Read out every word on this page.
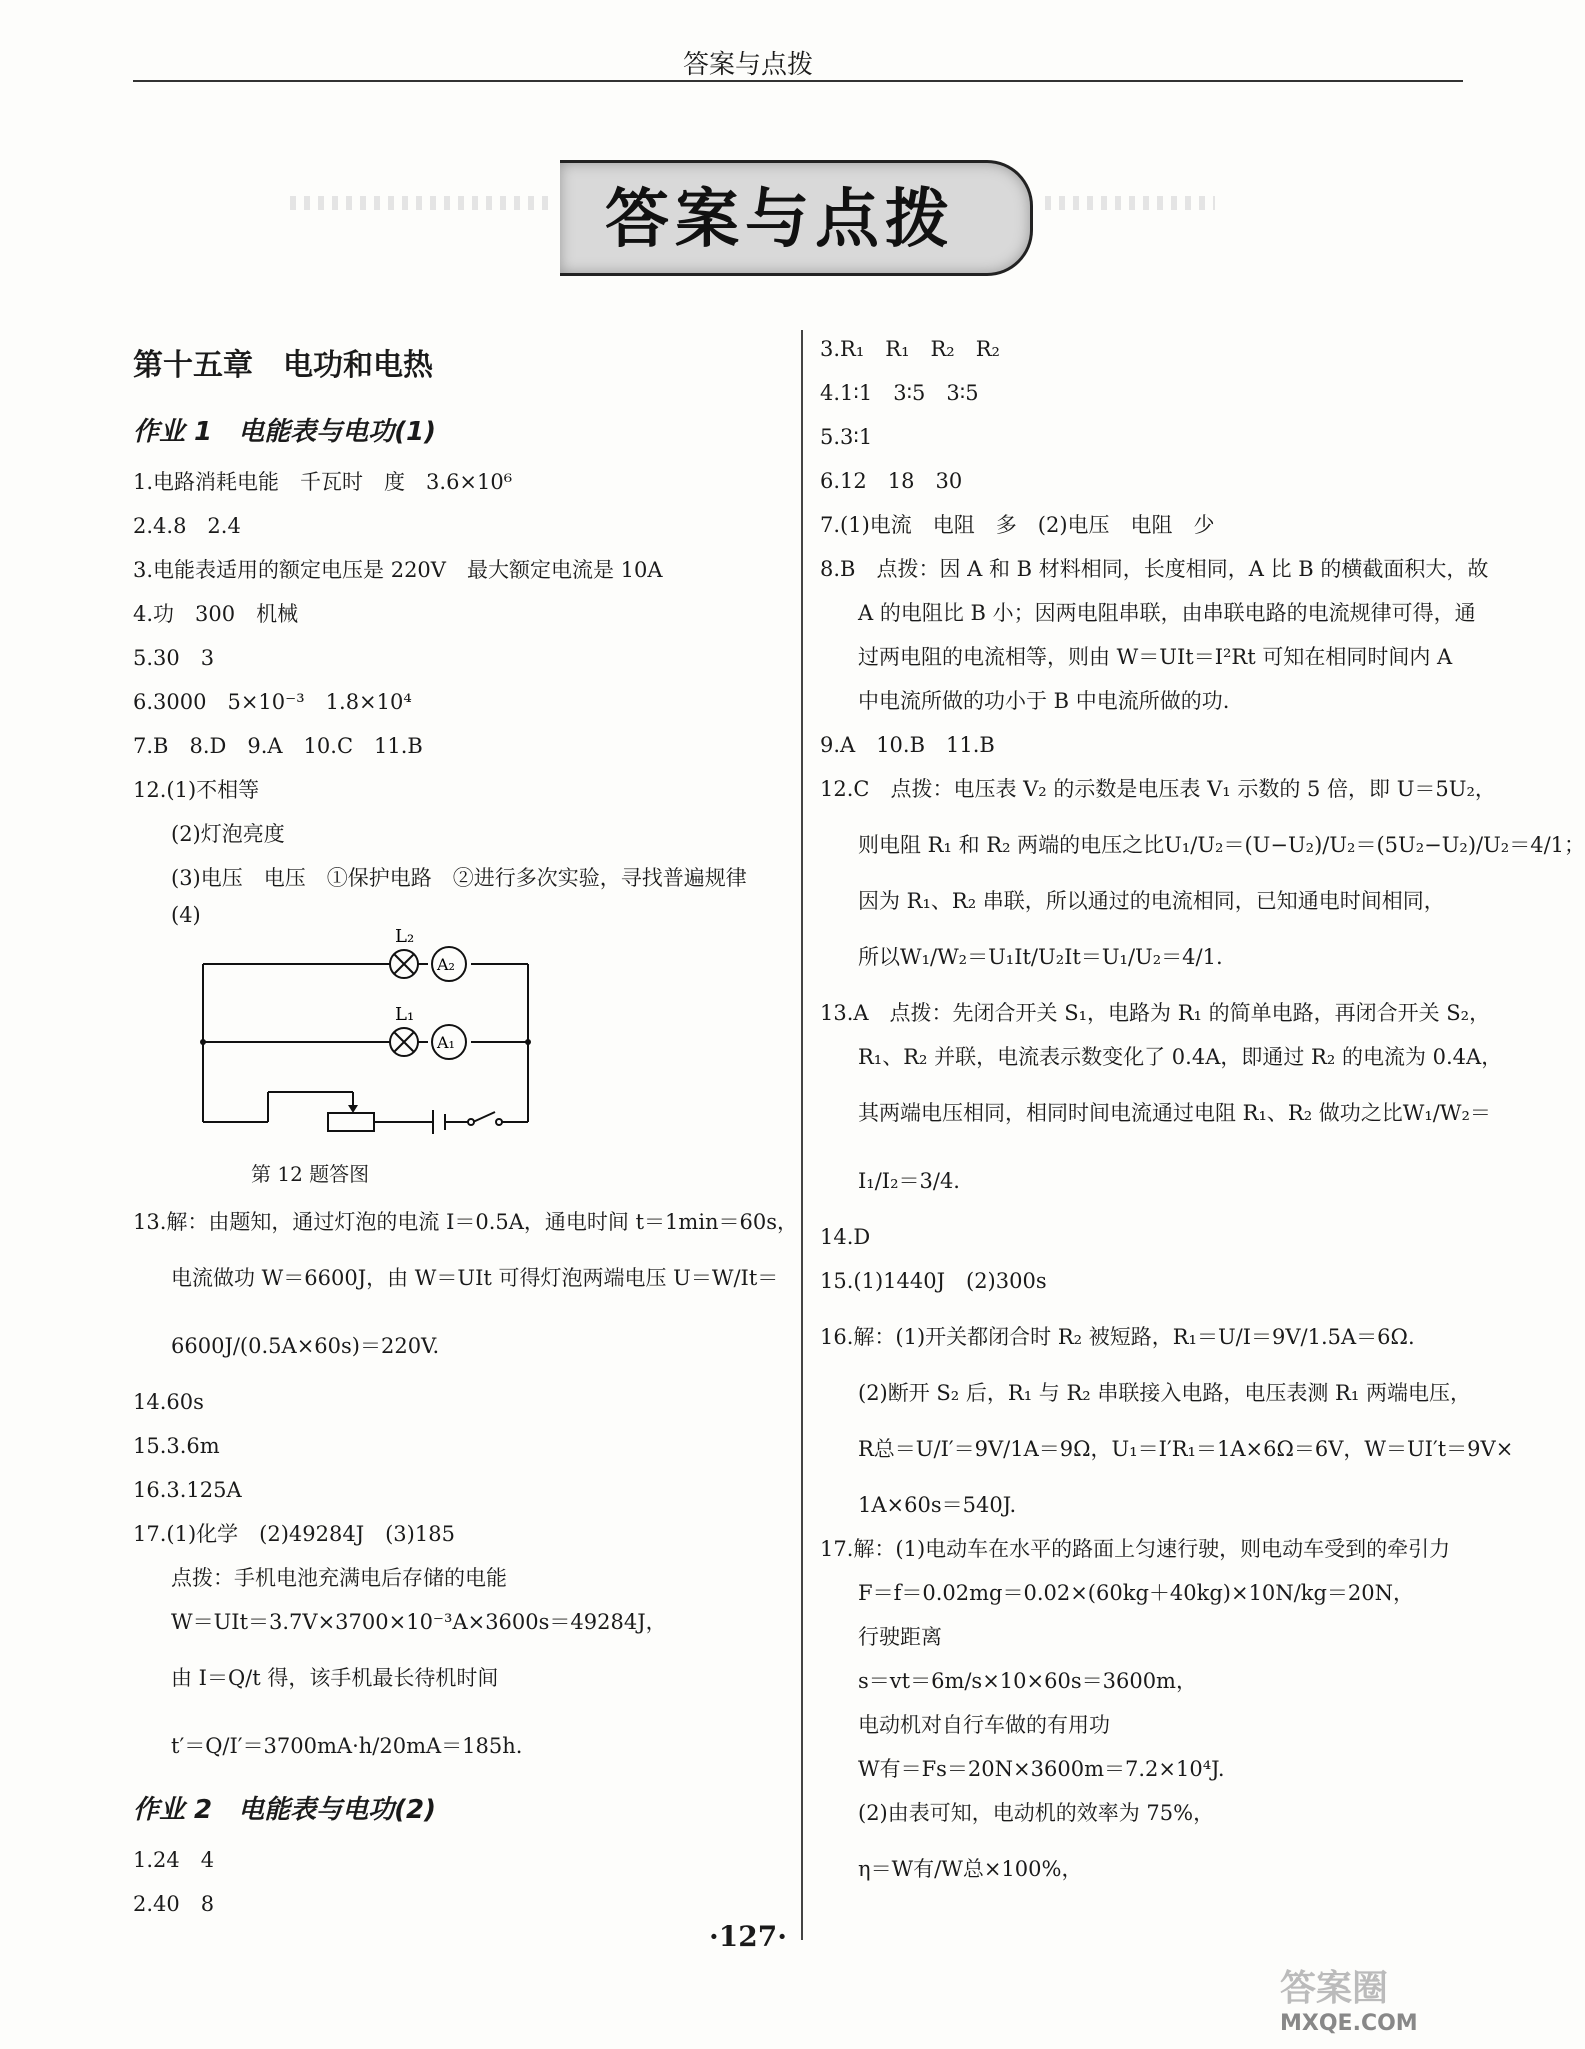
答案与点拨
答案与点拨
第十五章　电功和电热
作业 1　电能表与电功(1)
1.电路消耗电能　千瓦时　度　3.6×10⁶
2.4.8　2.4
3.电能表适用的额定电压是 220V　最大额定电流是 10A
4.功　300　机械
5.30　3
6.3000　5×10⁻³　1.8×10⁴
7.B　8.D　9.A　10.C　11.B
12.(1)不相等
(2)灯泡亮度
(3)电压　电压　①保护电路　②进行多次实验，寻找普遍规律
(4)
L₂
L₁
A₂
A₁
第 12 题答图
13.解：由题知，通过灯泡的电流 I＝0.5A，通电时间 t＝1min＝60s，
电流做功 W＝6600J，由 W＝UIt 可得灯泡两端电压 U＝W/It＝
6600J/(0.5A×60s)＝220V.
14.60s
15.3.6m
16.3.125A
17.(1)化学　(2)49284J　(3)185
点拨：手机电池充满电后存储的电能
W＝UIt＝3.7V×3700×10⁻³A×3600s＝49284J，
由 I＝Q/t 得，该手机最长待机时间
t′＝Q/I′＝3700mA·h/20mA＝185h.
作业 2　电能表与电功(2)
1.24　4
2.40　8
3.R₁　R₁　R₂　R₂
4.1∶1　3∶5　3∶5
5.3∶1
6.12　18　30
7.(1)电流　电阻　多　(2)电压　电阻　少
8.B　点拨：因 A 和 B 材料相同，长度相同，A 比 B 的横截面积大，故
A 的电阻比 B 小；因两电阻串联，由串联电路的电流规律可得，通
过两电阻的电流相等，则由 W＝UIt＝I²Rt 可知在相同时间内 A
中电流所做的功小于 B 中电流所做的功.
9.A　10.B　11.B
12.C　点拨：电压表 V₂ 的示数是电压表 V₁ 示数的 5 倍，即 U＝5U₂，
则电阻 R₁ 和 R₂ 两端的电压之比U₁/U₂＝(U−U₂)/U₂＝(5U₂−U₂)/U₂＝4/1；
因为 R₁、R₂ 串联，所以通过的电流相同，已知通电时间相同，
所以W₁/W₂＝U₁It/U₂It＝U₁/U₂＝4/1.
13.A　点拨：先闭合开关 S₁，电路为 R₁ 的简单电路，再闭合开关 S₂，
R₁、R₂ 并联，电流表示数变化了 0.4A，即通过 R₂ 的电流为 0.4A，
其两端电压相同，相同时间电流通过电阻 R₁、R₂ 做功之比W₁/W₂＝
I₁/I₂＝3/4.
14.D
15.(1)1440J　(2)300s
16.解：(1)开关都闭合时 R₂ 被短路，R₁＝U/I＝9V/1.5A＝6Ω.
(2)断开 S₂ 后，R₁ 与 R₂ 串联接入电路，电压表测 R₁ 两端电压，
R总＝U/I′＝9V/1A＝9Ω，U₁＝I′R₁＝1A×6Ω＝6V，W＝UI′t＝9V×
1A×60s＝540J.
17.解：(1)电动车在水平的路面上匀速行驶，则电动车受到的牵引力
F＝f＝0.02mg＝0.02×(60kg＋40kg)×10N/kg＝20N，
行驶距离
s＝vt＝6m/s×10×60s＝3600m，
电动机对自行车做的有用功
W有＝Fs＝20N×3600m＝7.2×10⁴J.
(2)由表可知，电动机的效率为 75%，
η＝W有/W总×100%，
·127·
答案圈
MXQE.COM
